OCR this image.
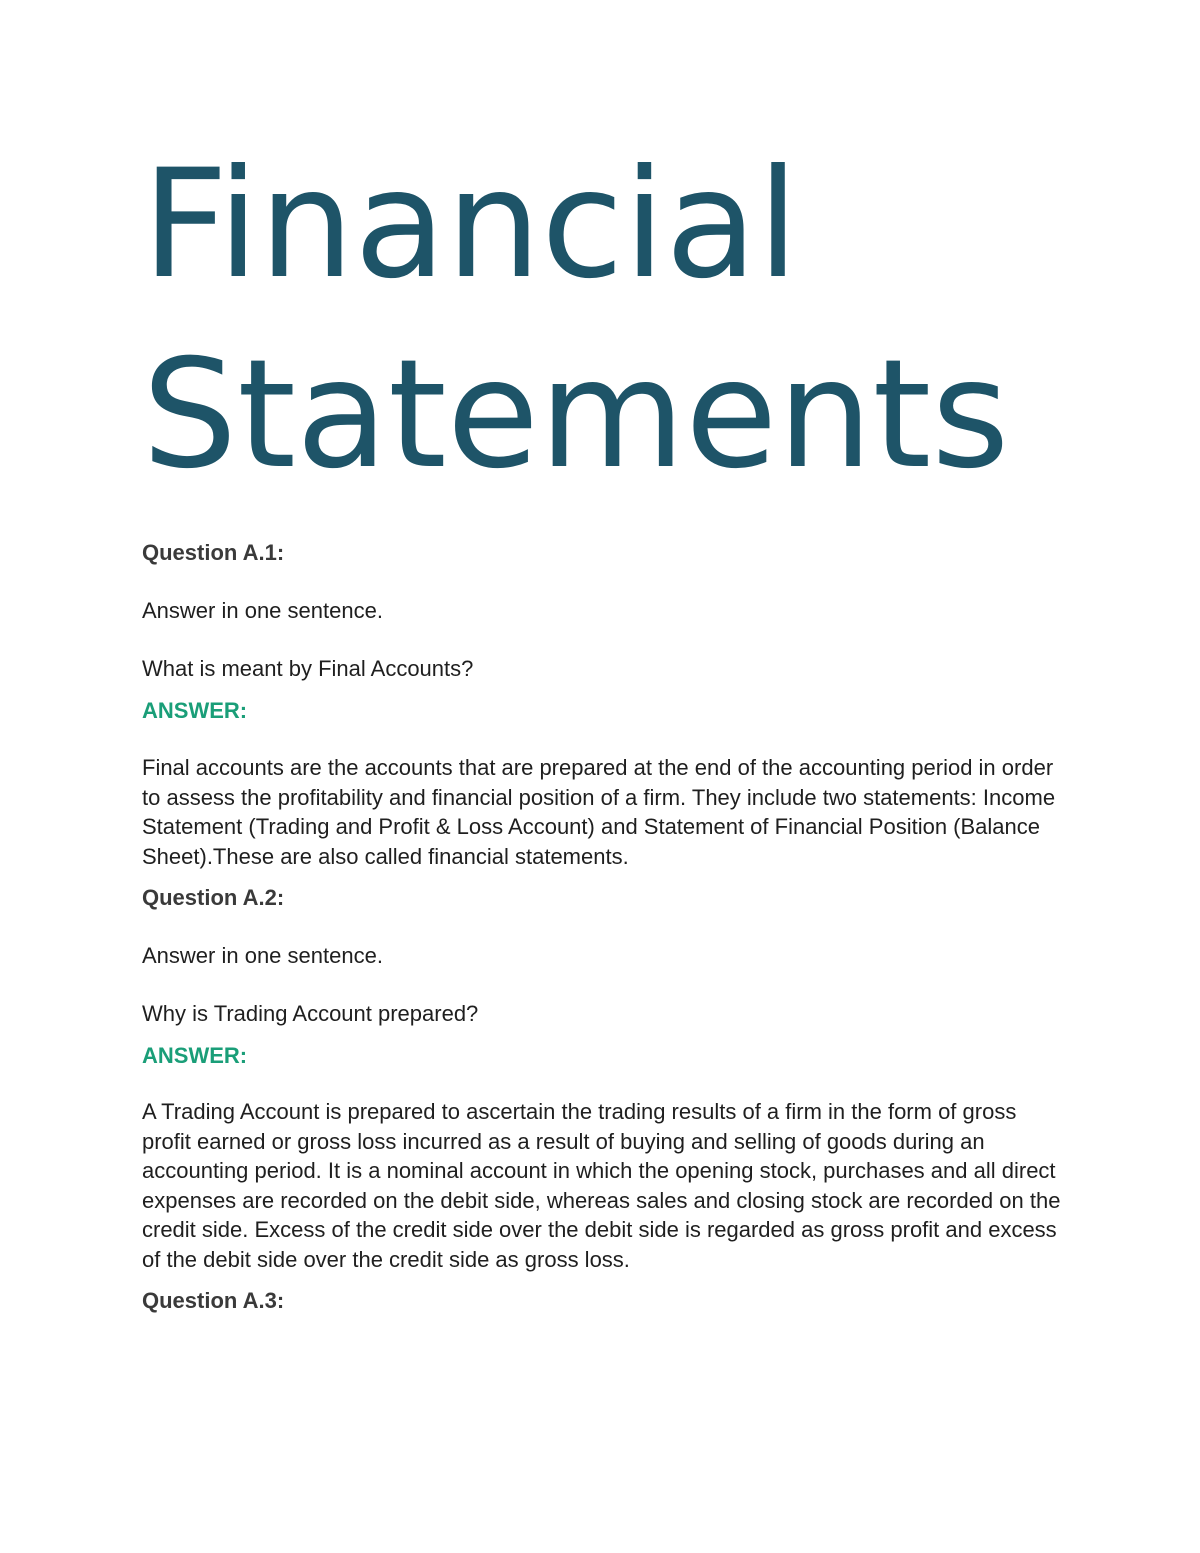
Financial
Statements

Question A.1:

Answer in one sentence.

What is meant by Final Accounts?

ANSWER:

Final accounts are the accounts that are prepared at the end of the accounting period in order to assess the profitability and financial position of a firm. They include two statements: Income Statement (Trading and Profit & Loss Account) and Statement of Financial Position (Balance Sheet).These are also called financial statements.

Question A.2:

Answer in one sentence.

Why is Trading Account prepared?

ANSWER:

A Trading Account is prepared to ascertain the trading results of a firm in the form of gross profit earned or gross loss incurred as a result of buying and selling of goods during an accounting period. It is a nominal account in which the opening stock, purchases and all direct expenses are recorded on the debit side, whereas sales and closing stock are recorded on the credit side. Excess of the credit side over the debit side is regarded as gross profit and excess of the debit side over the credit side as gross loss.

Question A.3:
